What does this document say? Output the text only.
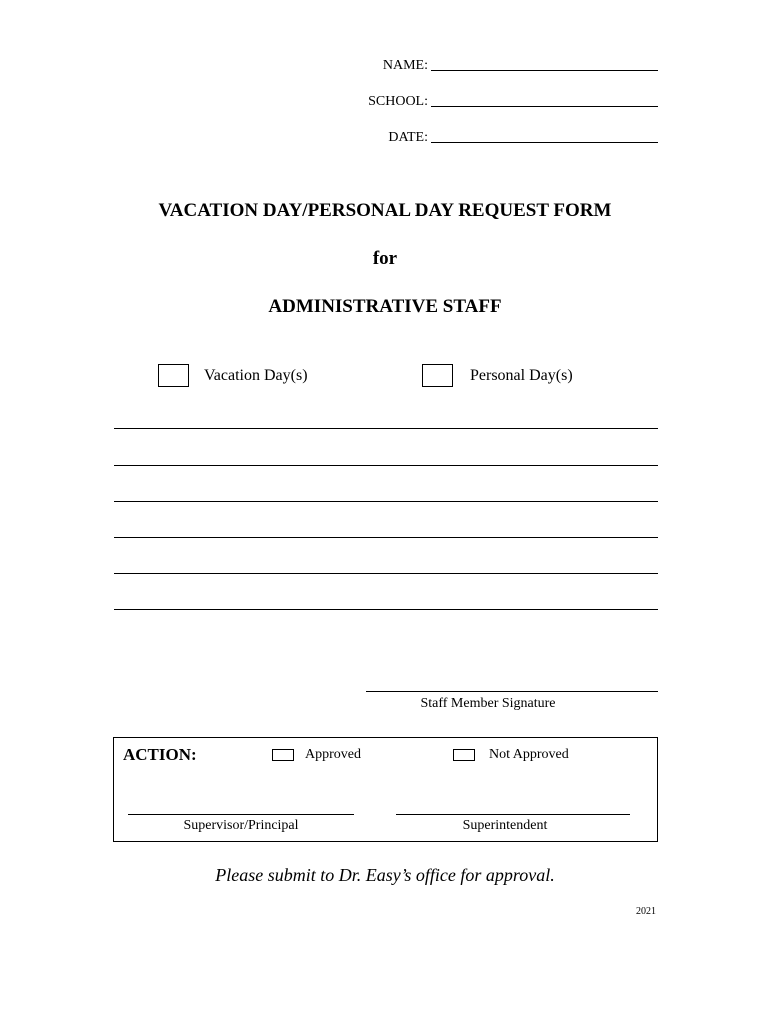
NAME:
SCHOOL:
DATE:
VACATION DAY/PERSONAL DAY REQUEST FORM
for
ADMINISTRATIVE STAFF
Vacation Day(s)	Personal Day(s)
Staff Member Signature
ACTION:	Approved	Not Approved
Supervisor/Principal	Superintendent
Please submit to Dr. Easy’s office for approval.
2021
